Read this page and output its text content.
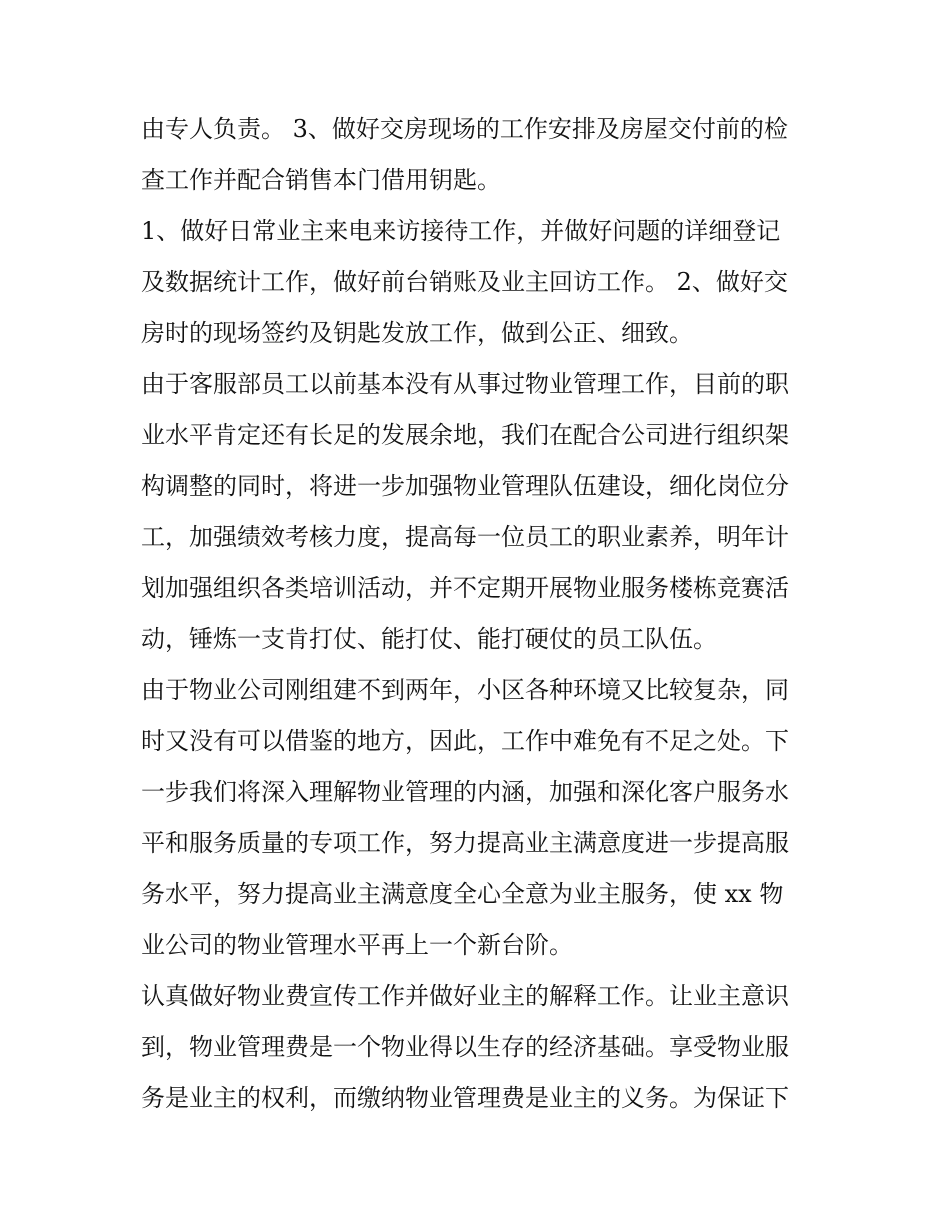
由专人负责。 3、做好交房现场的工作安排及房屋交付前的检
查工作并配合销售本门借用钥匙。
1、做好日常业主来电来访接待工作，并做好问题的详细登记
及数据统计工作，做好前台销账及业主回访工作。 2、做好交
房时的现场签约及钥匙发放工作，做到公正、细致。
由于客服部员工以前基本没有从事过物业管理工作，目前的职
业水平肯定还有长足的发展余地，我们在配合公司进行组织架
构调整的同时，将进一步加强物业管理队伍建设，细化岗位分
工，加强绩效考核力度，提高每一位员工的职业素养，明年计
划加强组织各类培训活动，并不定期开展物业服务楼栋竞赛活
动，锤炼一支肯打仗、能打仗、能打硬仗的员工队伍。
由于物业公司刚组建不到两年，小区各种环境又比较复杂，同
时又没有可以借鉴的地方，因此，工作中难免有不足之处。下
一步我们将深入理解物业管理的内涵，加强和深化客户服务水
平和服务质量的专项工作，努力提高业主满意度进一步提高服
务水平，努力提高业主满意度全心全意为业主服务，使 xx 物
业公司的物业管理水平再上一个新台阶。
认真做好物业费宣传工作并做好业主的解释工作。让业主意识
到，物业管理费是一个物业得以生存的经济基础。享受物业服
务是业主的权利，而缴纳物业管理费是业主的义务。为保证下
